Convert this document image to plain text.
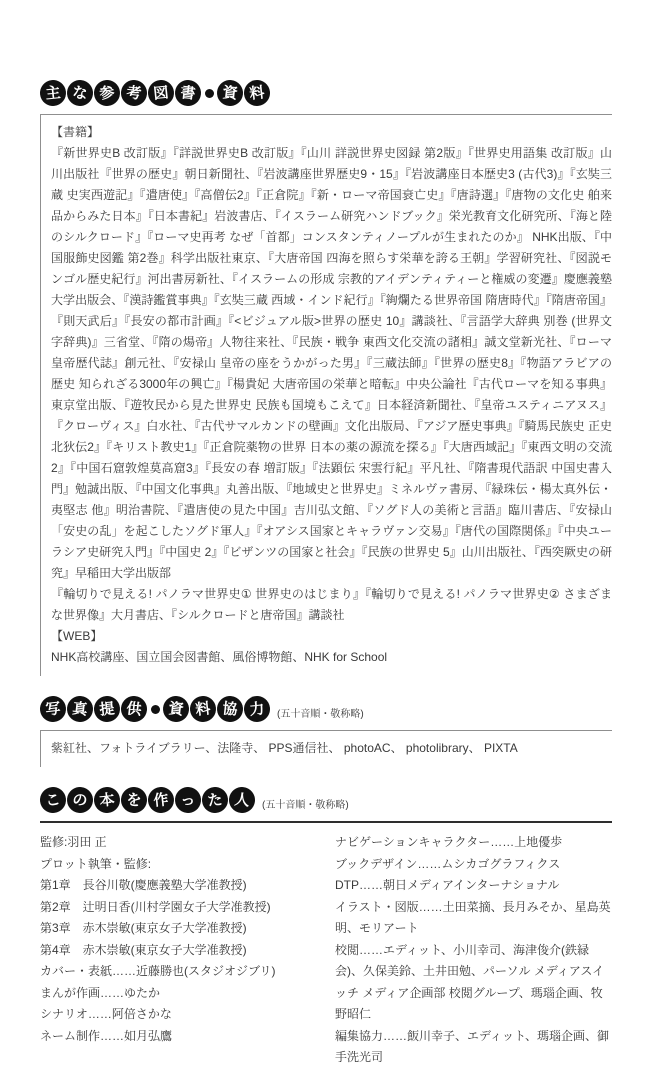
主 な 参 考 図 書	資 料

【書籍】

『新世界史B 改訂版』『詳説世界史B 改訂版』『山川 詳説世界史図録 第2版』『世界史用語集 改訂版』山川出版社『世界の歴史』朝日新聞社、『岩波講座世界歴史9・15』『岩波講座日本歴史3 (古代3)』『玄奘三蔵 史実西遊記』『遣唐使』『高僧伝2』『正倉院』『新・ローマ帝国衰亡史』『唐詩選』『唐物の文化史 舶来品からみた日本』『日本書紀』岩波書店、『イスラーム研究ハンドブック』栄光教育文化研究所、『海と陸のシルクロード』『ローマ史再考 なぜ「首都」コンスタンティノープルが生まれたのか』 NHK出版、『中国服飾史図鑑 第2巻』科学出版社東京、『大唐帝国 四海を照らす栄華を誇る王朝』学習研究社、『図説モンゴル歴史紀行』河出書房新社、『イスラームの形成 宗教的アイデンティティーと権威の変遷』慶應義塾大学出版会、『漢詩鑑賞事典』『玄奘三蔵 西域・インド紀行』『絢爛たる世界帝国 隋唐時代』『隋唐帝国』『則天武后』『長安の都市計画』『<ビジュアル版>世界の歴史 10』講談社、『言語学大辞典 別巻 (世界文字辞典)』三省堂、『隋の煬帝』人物往来社、『民族・戦争 東西文化交流の諸相』誠文堂新光社、『ローマ皇帝歴代誌』創元社、『安禄山 皇帝の座をうかがった男』『三蔵法師』『世界の歴史8』『物語アラビアの歴史 知られざる3000年の興亡』『楊貴妃 大唐帝国の栄華と暗転』中央公論社『古代ローマを知る事典』東京堂出版、『遊牧民から見た世界史 民族も国境もこえて』日本経済新聞社、『皇帝ユスティニアヌス』『クローヴィス』白水社、『古代サマルカンドの壁画』文化出版局、『アジア歴史事典』『騎馬民族史 正史北狄伝2』『キリスト教史1』『正倉院薬物の世界 日本の薬の源流を探る』『大唐西域記』『東西文明の交流2』『中国石窟敦煌莫高窟3』『長安の春 増訂版』『法顕伝 宋雲行紀』平凡社、『隋書現代語訳 中国史書入門』勉誠出版、『中国文化事典』丸善出版、『地域史と世界史』ミネルヴァ書房、『緑珠伝・楊太真外伝・夷堅志 他』明治書院、『遣唐使の見た中国』吉川弘文館、『ソグド人の美術と言語』臨川書店、『安禄山 「安史の乱」を起こしたソグド軍人』『オアシス国家とキャラヴァン交易』『唐代の国際関係』『中央ユーラシア史研究入門』『中国史 2』『ビザンツの国家と社会』『民族の世界史 5』山川出版社、『西突厥史の研究』早稲田大学出版部

『輪切りで見える! パノラマ世界史① 世界史のはじまり』『輪切りで見える! パノラマ世界史② さまざまな世界像』大月書店、『シルクロードと唐帝国』講談社

【WEB】

NHK高校講座、国立国会図書館、風俗博物館、NHK for School

写 真 提 供	資 料 協 力	(五十音順・敬称略)

紫紅社、フォトライブラリー、法隆寺、 PPS通信社、 photoAC、 photolibrary、 PIXTA

こ の 本 を 作 っ た 人	(五十音順・敬称略)

監修:羽田 正

プロット執筆・監修:

第1章　長谷川敬(慶應義塾大学准教授)

第2章　辻明日香(川村学園女子大学准教授)

第3章　赤木崇敏(東京女子大学准教授)

第4章　赤木崇敏(東京女子大学准教授)

カバー・表紙……近藤勝也(スタジオジブリ)

まんが作画……ゆたか

シナリオ……阿倍さかな

ネーム制作……如月弘鷹

ナビゲーションキャラクター……上地優歩

ブックデザイン……ムシカゴグラフィクス

DTP……朝日メディアインターナショナル

イラスト・図版……土田菜摘、長月みそか、星島英明、モリアート

校閲……エディット、小川幸司、海津俊介(鉄緑会)、久保美鈴、土井田勉、パーソル メディアスイッチ メディア企画部 校閲グループ、瑪瑙企画、牧野昭仁

編集協力……飯川幸子、エディット、瑪瑙企画、御手洗光司
